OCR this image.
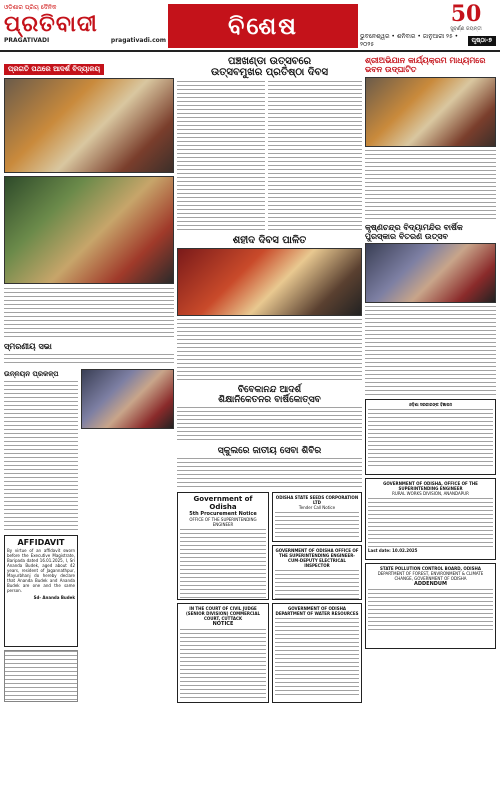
ଓଡ଼ିଶାର ପ୍ରିୟ ଦୈନିକ
ପ୍ରତିବାଦୀ
PRAGATIVADI	pragativadi.com
ବିଶେଷ	50
ସୁବର୍ଣ୍ଣ ଜୟନ୍ତୀ
ଭୁବନେଶ୍ୱର • ଶନିବାର • ଜାନୁଆରୀ ୨୫ • ୨୦୨୫
ପୃଷ୍ଠା-୭
ପ୍ରଗତି ପଥରେ ଆଦର୍ଶ ବିଦ୍ୟାଳୟ
ସ୍ମରଣୀୟ ସଭା
ଉନ୍ନୟନ ପ୍ରକଳ୍ପ
AFFIDAVIT
By virtue of an affidavit sworn before the Executive Magistrate, Baripada dated 16.01.2025, I, Sri Ananda Budek, aged about 42 years, resident of Jagannathpur, Mayurbhanj do hereby declare that Ananda Budek and Ananda Budek are one and the same person.
Sd- Ananda Budek
ପଞ୍ଚଖଣ୍ଡା ଉତ୍ସବରେ
ଉତ୍ସବମୁଖର ପ୍ରତିଷ୍ଠା ଦିବସ
ଶହୀଦ ଦିବସ ପାଳିତ
ବିବେକାନନ୍ଦ ଆଦର୍ଶ
ଶିକ୍ଷାନିକେତନର ବାର୍ଷିକୋତ୍ସବ
ସ୍କୁଲରେ ଜାତୀୟ ସେବା ଶିବିର
Government of Odisha
5th Procurement Notice
OFFICE OF THE SUPERINTENDING ENGINEER
ODISHA STATE SEEDS CORPORATION LTD
Tender Call Notice
GOVERNMENT OF ODISHA OFFICE OF THE SUPERINTENDING ENGINEER-CUM-DEPUTY ELECTRICAL INSPECTOR
IN THE COURT OF CIVIL JUDGE (SENIOR DIVISION) COMMERCIAL COURT, CUTTACK
NOTICE
GOVERNMENT OF ODISHA DEPARTMENT OF WATER RESOURCES
ଶ୍ରୀଅଭିଯାନ କାର୍ଯ୍ୟକ୍ରମ ମାଧ୍ୟମରେ ଭବନ ଉଦ୍‌ଘାଟିତ
କୃଷ୍ଣଚନ୍ଦ୍ର ବିଦ୍ୟାମନ୍ଦିର ବାର୍ଷିକ ପୁରସ୍କାର ବିତରଣ ଉତ୍ସବ
ଓଡ଼ିଶା ସରକାରଙ୍କ ବିଜ୍ଞାପନ
GOVERNMENT OF ODISHA, OFFICE OF THE SUPERINTENDING ENGINEER
RURAL WORKS DIVISION, ANANDAPUR
Last date: 10.02.2025
STATE POLLUTION CONTROL BOARD, ODISHA
DEPARTMENT OF FOREST, ENVIRONMENT & CLIMATE CHANGE, GOVERNMENT OF ODISHA
ADDENDUM
